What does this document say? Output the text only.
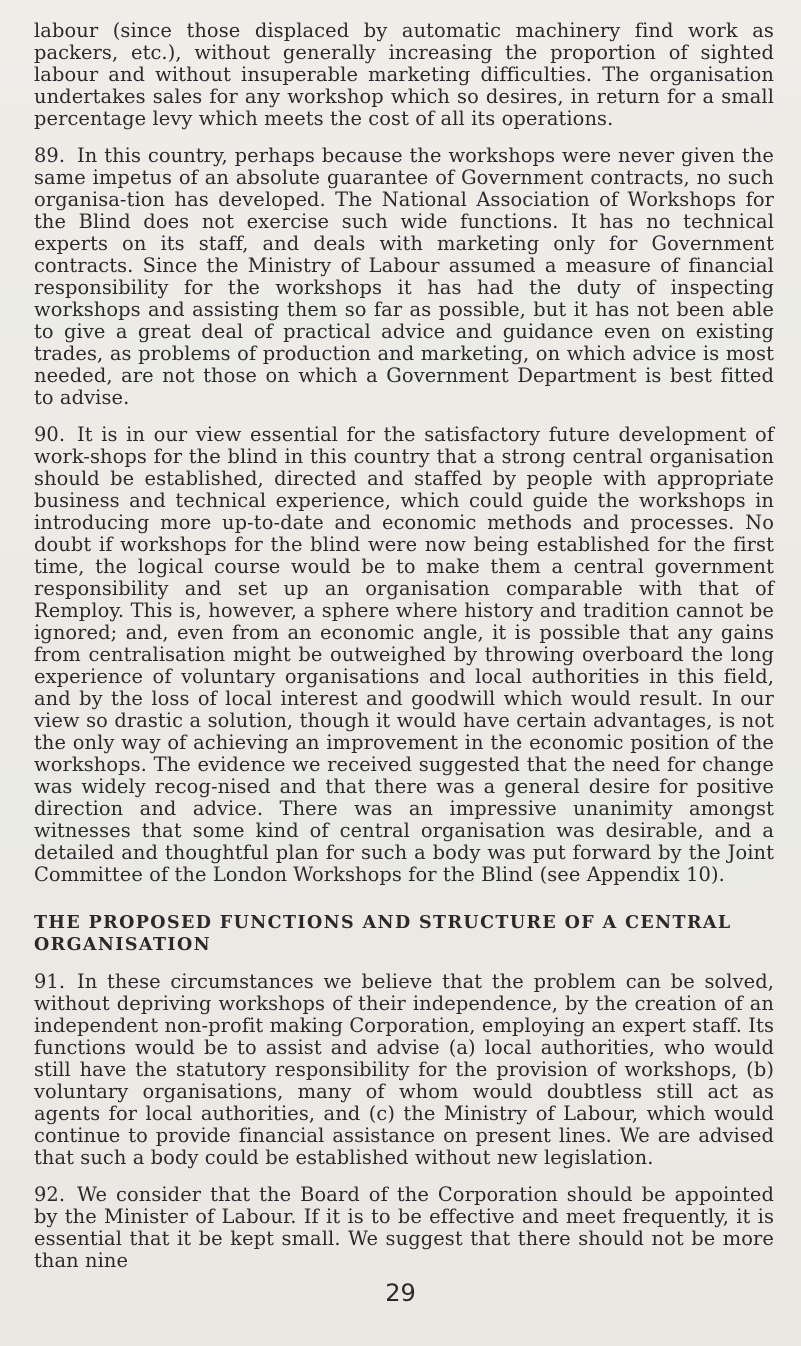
labour (since those displaced by automatic machinery find work as packers, etc.), without generally increasing the proportion of sighted labour and without insuperable marketing difficulties. The organisation undertakes sales for any workshop which so desires, in return for a small percentage levy which meets the cost of all its operations.

89. In this country, perhaps because the workshops were never given the same impetus of an absolute guarantee of Government contracts, no such organisa-tion has developed. The National Association of Workshops for the Blind does not exercise such wide functions. It has no technical experts on its staff, and deals with marketing only for Government contracts. Since the Ministry of Labour assumed a measure of financial responsibility for the workshops it has had the duty of inspecting workshops and assisting them so far as possible, but it has not been able to give a great deal of practical advice and guidance even on existing trades, as problems of production and marketing, on which advice is most needed, are not those on which a Government Department is best fitted to advise.

90. It is in our view essential for the satisfactory future development of work-shops for the blind in this country that a strong central organisation should be established, directed and staffed by people with appropriate business and technical experience, which could guide the workshops in introducing more up-to-date and economic methods and processes. No doubt if workshops for the blind were now being established for the first time, the logical course would be to make them a central government responsibility and set up an organisation comparable with that of Remploy. This is, however, a sphere where history and tradition cannot be ignored; and, even from an economic angle, it is possible that any gains from centralisation might be outweighed by throwing overboard the long experience of voluntary organisations and local authorities in this field, and by the loss of local interest and goodwill which would result. In our view so drastic a solution, though it would have certain advantages, is not the only way of achieving an improvement in the economic position of the workshops. The evidence we received suggested that the need for change was widely recog-nised and that there was a general desire for positive direction and advice. There was an impressive unanimity amongst witnesses that some kind of central organisation was desirable, and a detailed and thoughtful plan for such a body was put forward by the Joint Committee of the London Workshops for the Blind (see Appendix 10).

THE PROPOSED FUNCTIONS AND STRUCTURE OF A CENTRAL ORGANISATION

91. In these circumstances we believe that the problem can be solved, without depriving workshops of their independence, by the creation of an independent non-profit making Corporation, employing an expert staff. Its functions would be to assist and advise (a) local authorities, who would still have the statutory responsibility for the provision of workshops, (b) voluntary organisations, many of whom would doubtless still act as agents for local authorities, and (c) the Ministry of Labour, which would continue to provide financial assistance on present lines. We are advised that such a body could be established without new legislation.

92. We consider that the Board of the Corporation should be appointed by the Minister of Labour. If it is to be effective and meet frequently, it is essential that it be kept small. We suggest that there should not be more than nine

29
